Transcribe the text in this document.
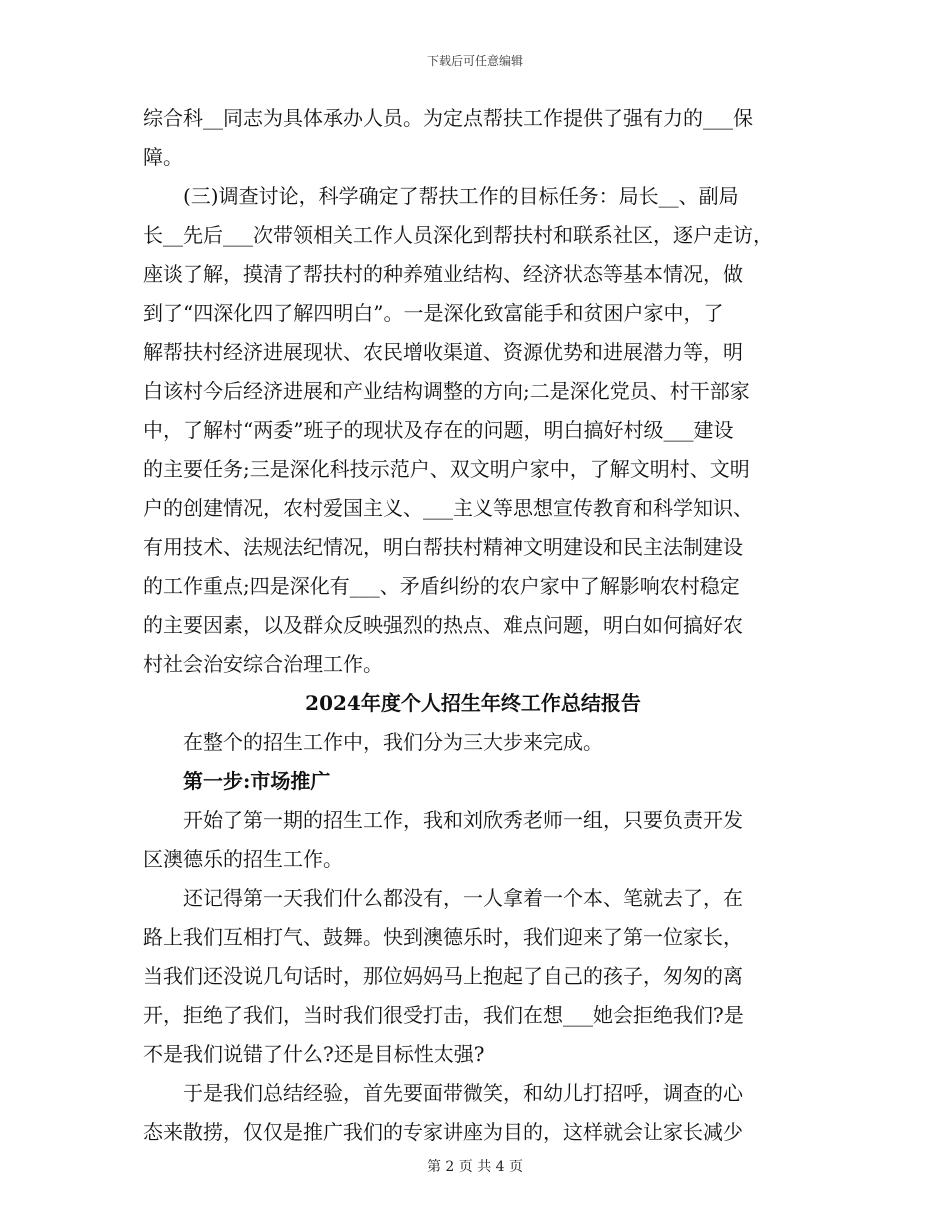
下载后可任意编辑
综合科__同志为具体承办人员。为定点帮扶工作提供了强有力的___保
障。
(三)调查讨论，科学确定了帮扶工作的目标任务：局长__、副局
长__先后___次带领相关工作人员深化到帮扶村和联系社区，逐户走访，
座谈了解，摸清了帮扶村的种养殖业结构、经济状态等基本情况，做
到了“四深化四了解四明白”。一是深化致富能手和贫困户家中，了
解帮扶村经济进展现状、农民增收渠道、资源优势和进展潜力等，明
白该村今后经济进展和产业结构调整的方向;二是深化党员、村干部家
中，了解村“两委”班子的现状及存在的问题，明白搞好村级___建设
的主要任务;三是深化科技示范户、双文明户家中，了解文明村、文明
户的创建情况，农村爱国主义、___主义等思想宣传教育和科学知识、
有用技术、法规法纪情况，明白帮扶村精神文明建设和民主法制建设
的工作重点;四是深化有___、矛盾纠纷的农户家中了解影响农村稳定
的主要因素，以及群众反映强烈的热点、难点问题，明白如何搞好农
村社会治安综合治理工作。
2024年度个人招生年终工作总结报告
在整个的招生工作中，我们分为三大步来完成。
第一步:市场推广
开始了第一期的招生工作，我和刘欣秀老师一组，只要负责开发
区澳德乐的招生工作。
还记得第一天我们什么都没有，一人拿着一个本、笔就去了，在
路上我们互相打气、鼓舞。快到澳德乐时，我们迎来了第一位家长，
当我们还没说几句话时，那位妈妈马上抱起了自己的孩子，匆匆的离
开，拒绝了我们，当时我们很受打击，我们在想___她会拒绝我们?是
不是我们说错了什么?还是目标性太强?
于是我们总结经验，首先要面带微笑，和幼儿打招呼，调查的心
态来散捞，仅仅是推广我们的专家讲座为目的，这样就会让家长减少
第 2 页 共 4 页
